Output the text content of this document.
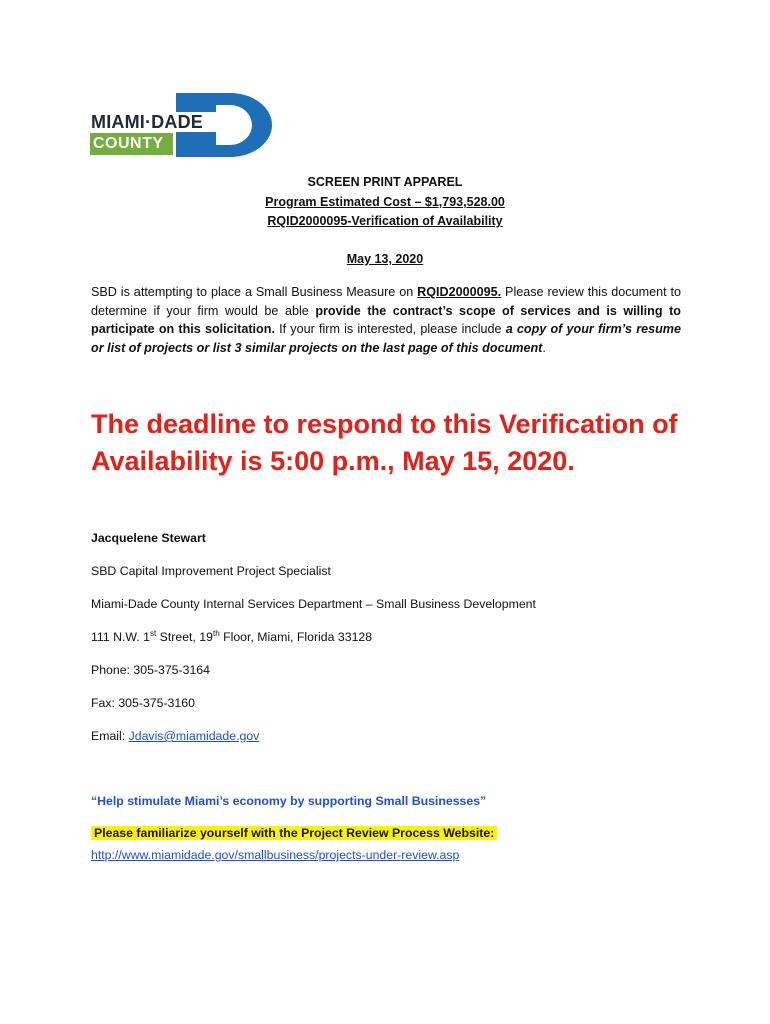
MIAMI·DADE
COUNTY
SCREEN PRINT APPAREL
Program Estimated Cost – $1,793,528.00
RQID2000095-Verification of Availability
May 13, 2020
SBD is attempting to place a Small Business Measure on RQID2000095. Please review this document to determine if your firm would be able provide the contract’s scope of services and is willing to participate on this solicitation. If your firm is interested, please include a copy of your firm’s resume or list of projects or list 3 similar projects on the last page of this document.
The deadline to respond to this Verification of Availability is 5:00 p.m., May 15, 2020.
Jacquelene Stewart
SBD Capital Improvement Project Specialist
Miami-Dade County Internal Services Department – Small Business Development
111 N.W. 1st Street, 19th Floor, Miami, Florida 33128
Phone: 305-375-3164
Fax: 305-375-3160
Email: Jdavis@miamidade.gov
“Help stimulate Miami’s economy by supporting Small Businesses”
Please familiarize yourself with the Project Review Process Website:
http://www.miamidade.gov/smallbusiness/projects-under-review.asp
